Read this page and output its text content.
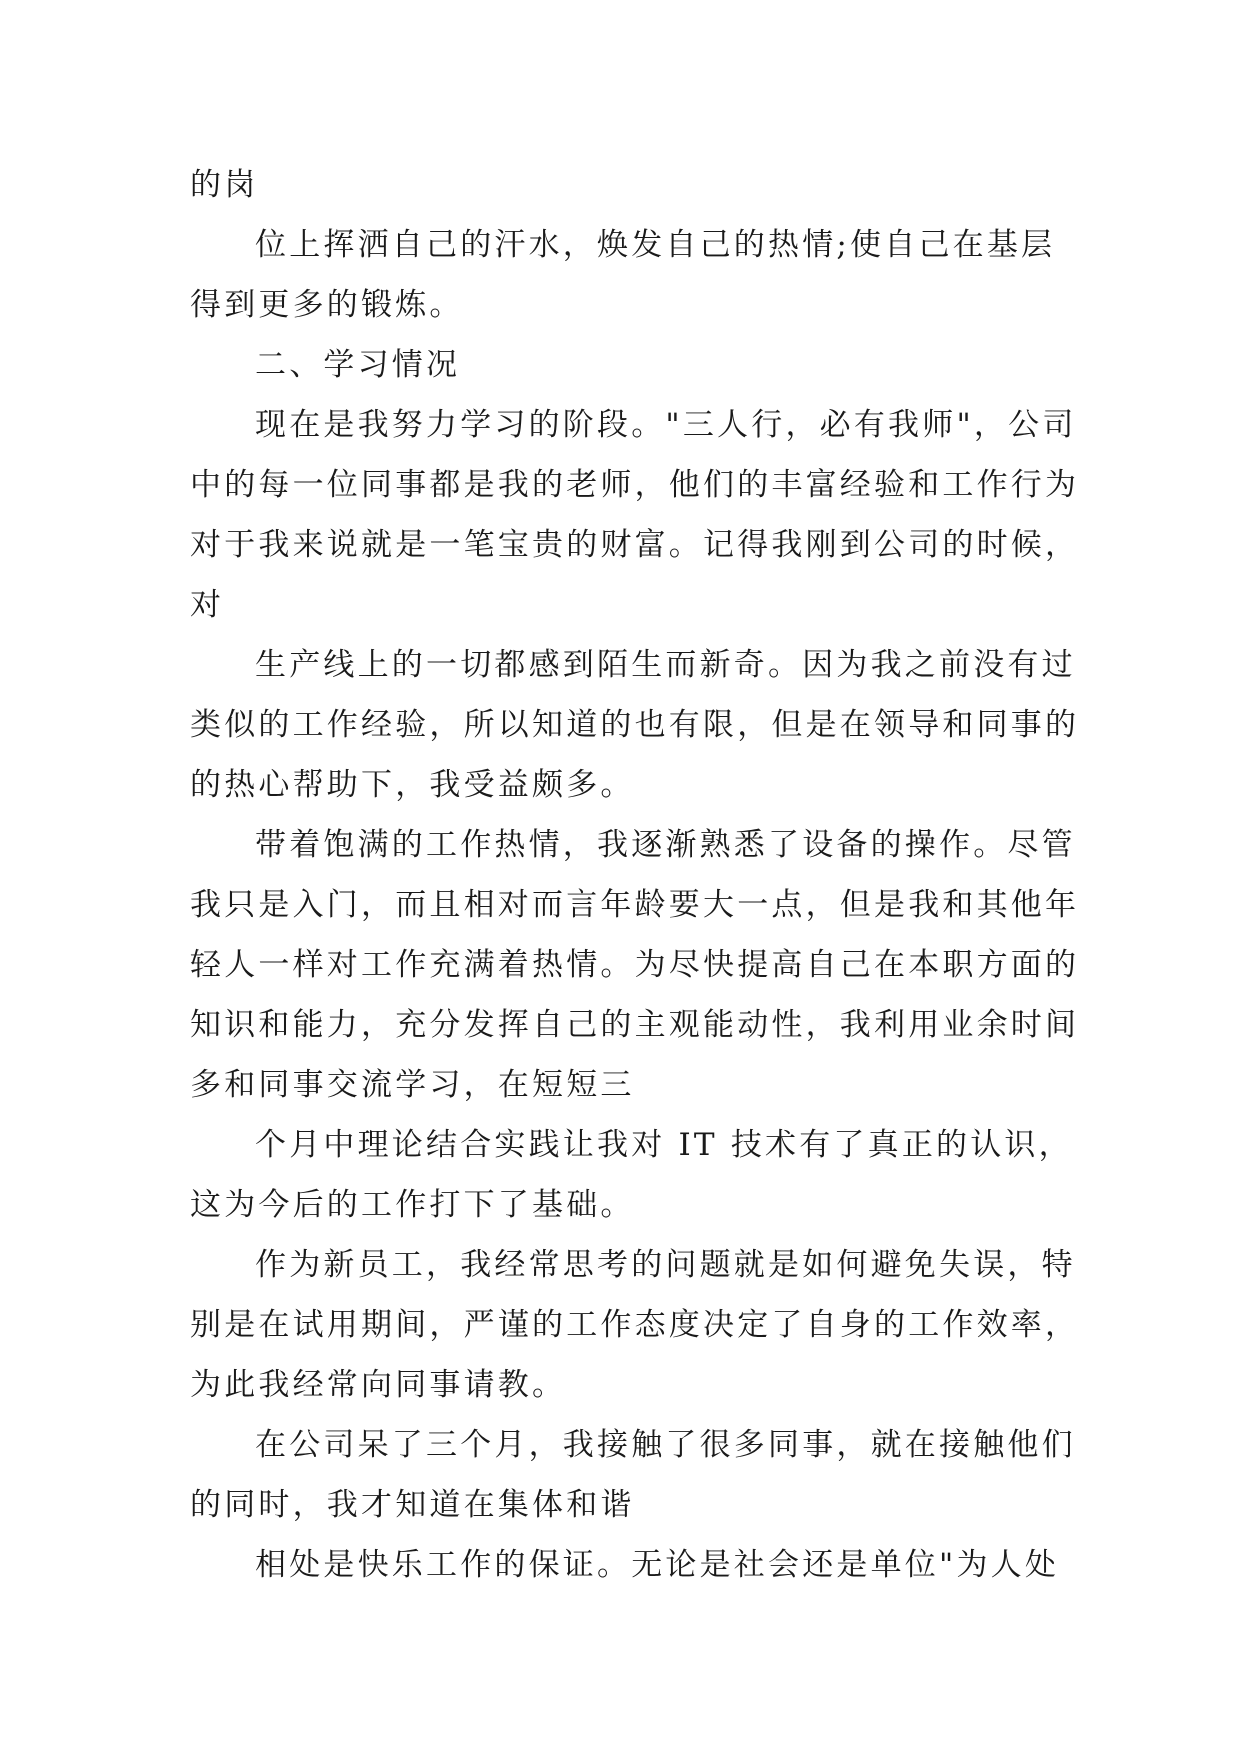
的岗
位上挥洒自己的汗水，焕发自己的热情;使自己在基层
得到更多的锻炼。
二、学习情况
现在是我努力学习的阶段。"三人行，必有我师"，公司
中的每一位同事都是我的老师，他们的丰富经验和工作行为
对于我来说就是一笔宝贵的财富。记得我刚到公司的时候，
对
生产线上的一切都感到陌生而新奇。因为我之前没有过
类似的工作经验，所以知道的也有限，但是在领导和同事的
的热心帮助下，我受益颇多。
带着饱满的工作热情，我逐渐熟悉了设备的操作。尽管
我只是入门，而且相对而言年龄要大一点，但是我和其他年
轻人一样对工作充满着热情。为尽快提高自己在本职方面的
知识和能力，充分发挥自己的主观能动性，我利用业余时间
多和同事交流学习，在短短三
个月中理论结合实践让我对 IT 技术有了真正的认识，
这为今后的工作打下了基础。
作为新员工，我经常思考的问题就是如何避免失误，特
别是在试用期间，严谨的工作态度决定了自身的工作效率，
为此我经常向同事请教。
在公司呆了三个月，我接触了很多同事，就在接触他们
的同时，我才知道在集体和谐
相处是快乐工作的保证。无论是社会还是单位"为人处
